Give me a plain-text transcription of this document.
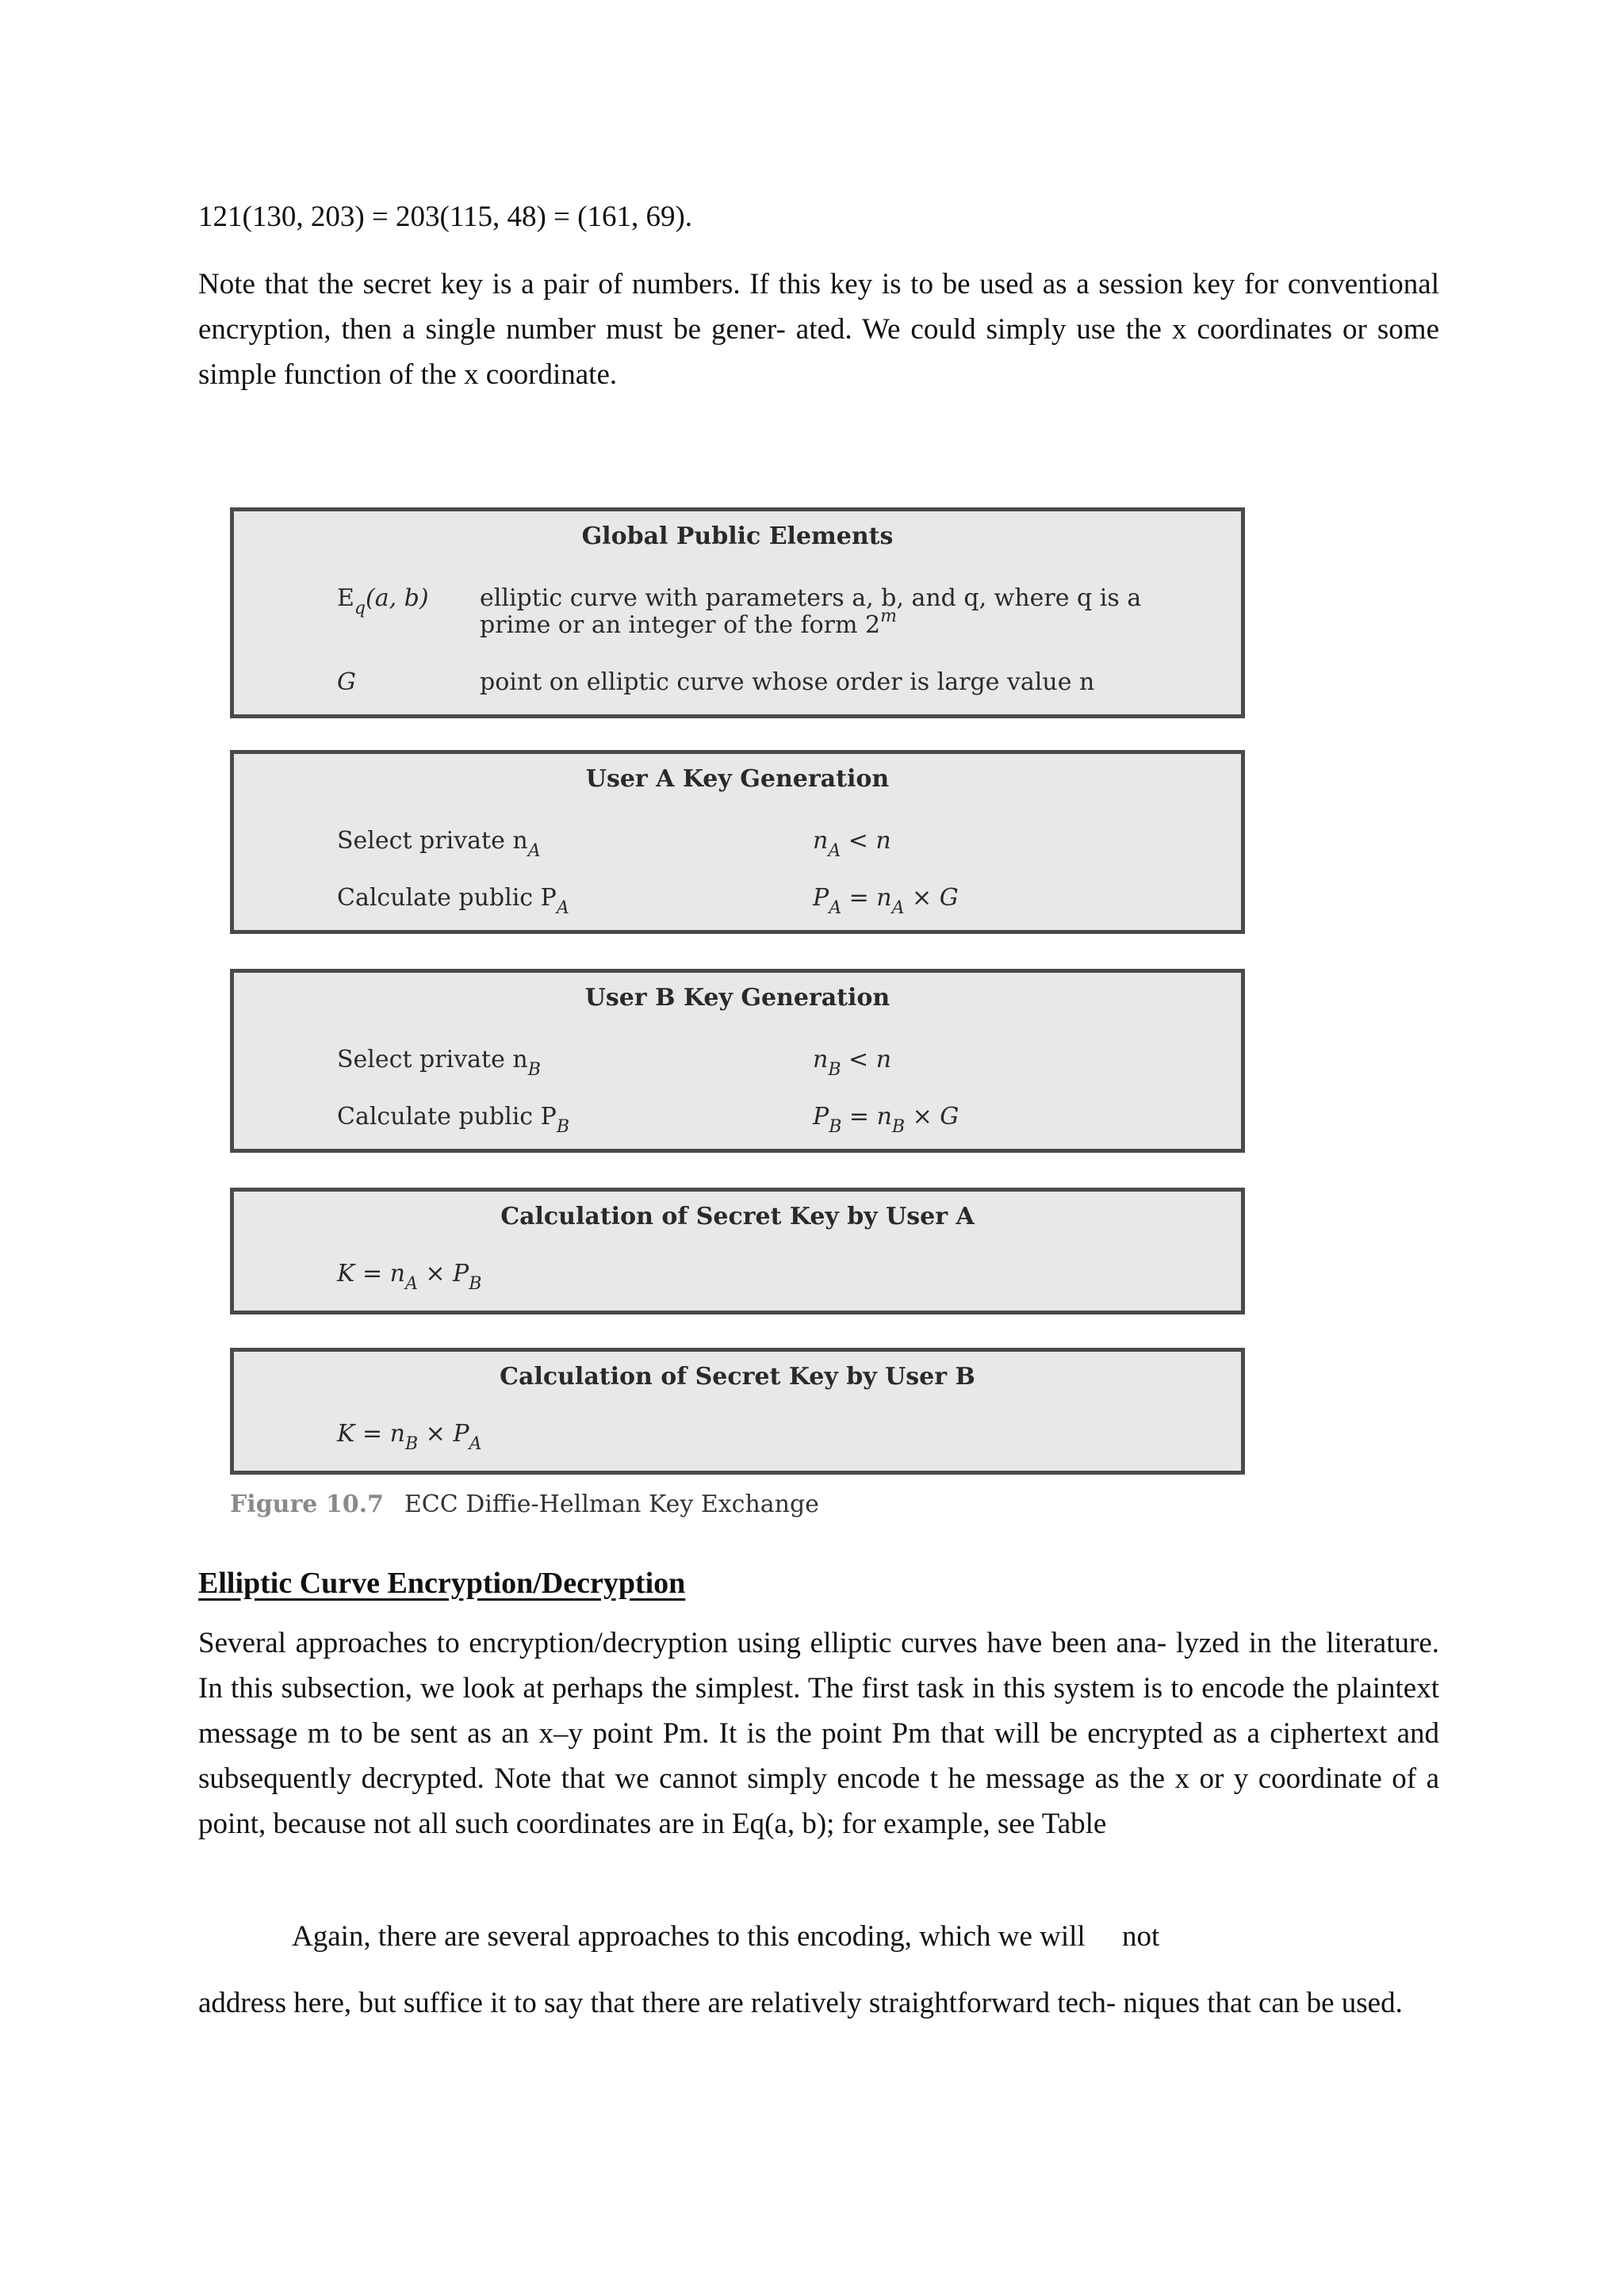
121(130, 203) = 203(115, 48) = (161, 69).
Note that the secret key is a pair of numbers. If this key is to be used as a session key for conventional encryption, then a single number must be gener- ated. We could simply use the x coordinates or some simple function of the x coordinate.
Global Public Elements
$E_q(a$, b) elliptic curve with parameters a, b, and q, where q is a
prime or an integer of the form 2$^m$
G	point on elliptic curve whose order is large value n
User A Key Generation
Select private $n_A$	$n_A < n$
Calculate public $P_A$	$P_A = n_A \times G$
User B Key Generation
Select private $n_B$	$n_B < n$
Calculate public $P_B$	$P_B = n_B \times G$
Calculation of Secret Key by User A
$K = n_A \times P_B$
Calculation of Secret Key by User B
$K = n_B \times P_A$
Figure 10.7 ECC Diffie-Hellman Key Exchange
Elliptic Curve Encryption/Decryption
Several approaches to encryption/decryption using elliptic curves have been ana- lyzed in the literature. In this subsection, we look at perhaps the simplest. The first task in this system is to encode the plaintext message m to be sent as an x–y point Pm. It is the point Pm that will be encrypted as a ciphertext and subsequently decrypted. Note that we cannot simply encode t he message as the x or y coordinate of a point, because not all such coordinates are in Eq(a, b); for example, see Table
Again, there are several approaches to this encoding, which we will     not
address here, but suffice it to say that there are relatively straightforward tech- niques that can be used.
